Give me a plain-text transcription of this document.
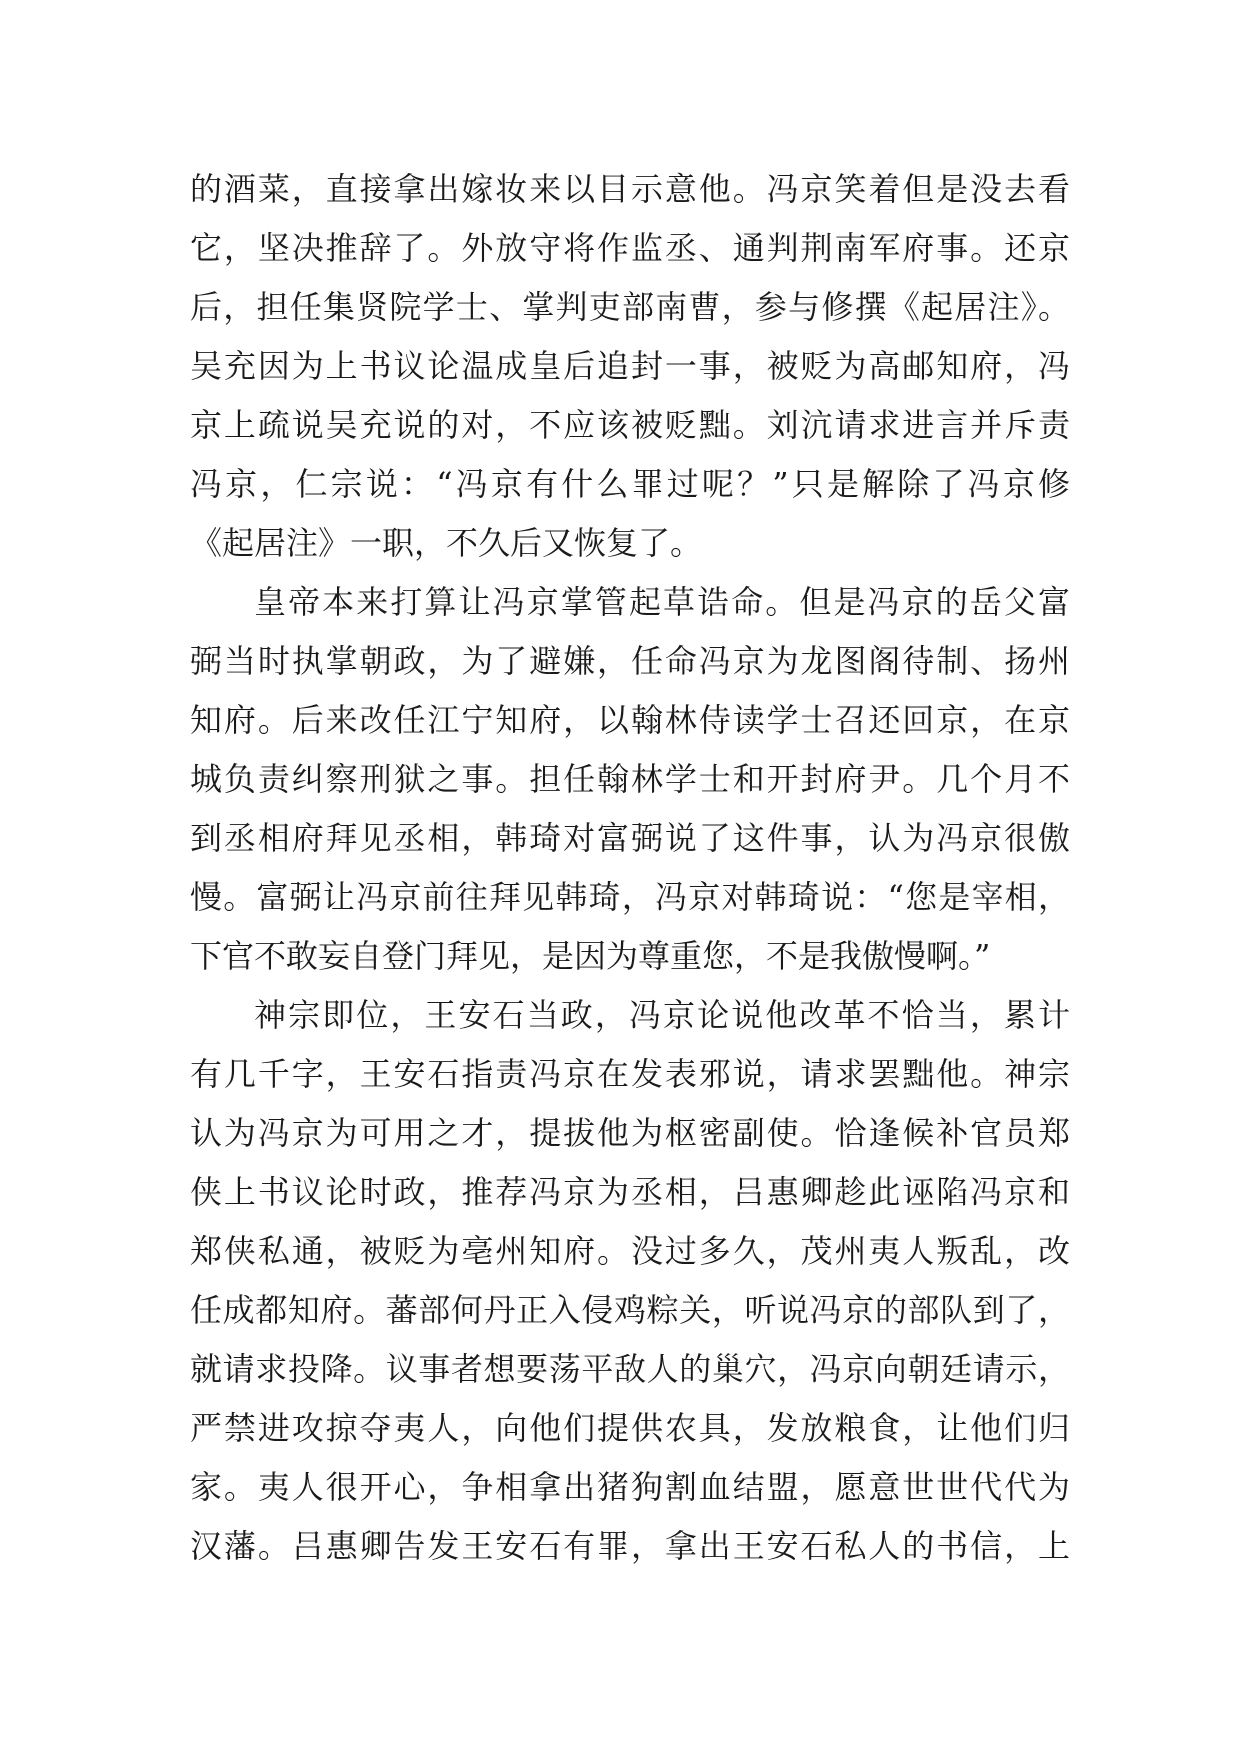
的酒菜，直接拿出嫁妆来以目示意他。冯京笑着但是没去看
它，坚决推辞了。外放守将作监丞、通判荆南军府事。还京
后，担任集贤院学士、掌判吏部南曹，参与修撰《起居注》。
吴充因为上书议论温成皇后追封一事，被贬为高邮知府，冯
京上疏说吴充说的对，不应该被贬黜。刘沆请求进言并斥责
冯京，仁宗说：“冯京有什么罪过呢？”只是解除了冯京修
《起居注》一职，不久后又恢复了。
皇帝本来打算让冯京掌管起草诰命。但是冯京的岳父富
弼当时执掌朝政，为了避嫌，任命冯京为龙图阁待制、扬州
知府。后来改任江宁知府，以翰林侍读学士召还回京，在京
城负责纠察刑狱之事。担任翰林学士和开封府尹。几个月不
到丞相府拜见丞相，韩琦对富弼说了这件事，认为冯京很傲
慢。富弼让冯京前往拜见韩琦，冯京对韩琦说：“您是宰相，
下官不敢妄自登门拜见，是因为尊重您，不是我傲慢啊。”
神宗即位，王安石当政，冯京论说他改革不恰当，累计
有几千字，王安石指责冯京在发表邪说，请求罢黜他。神宗
认为冯京为可用之才，提拔他为枢密副使。恰逢候补官员郑
侠上书议论时政，推荐冯京为丞相，吕惠卿趁此诬陷冯京和
郑侠私通，被贬为亳州知府。没过多久，茂州夷人叛乱，改
任成都知府。蕃部何丹正入侵鸡粽关，听说冯京的部队到了，
就请求投降。议事者想要荡平敌人的巢穴，冯京向朝廷请示，
严禁进攻掠夺夷人，向他们提供农具，发放粮食，让他们归
家。夷人很开心，争相拿出猪狗割血结盟，愿意世世代代为
汉藩。吕惠卿告发王安石有罪，拿出王安石私人的书信，上
